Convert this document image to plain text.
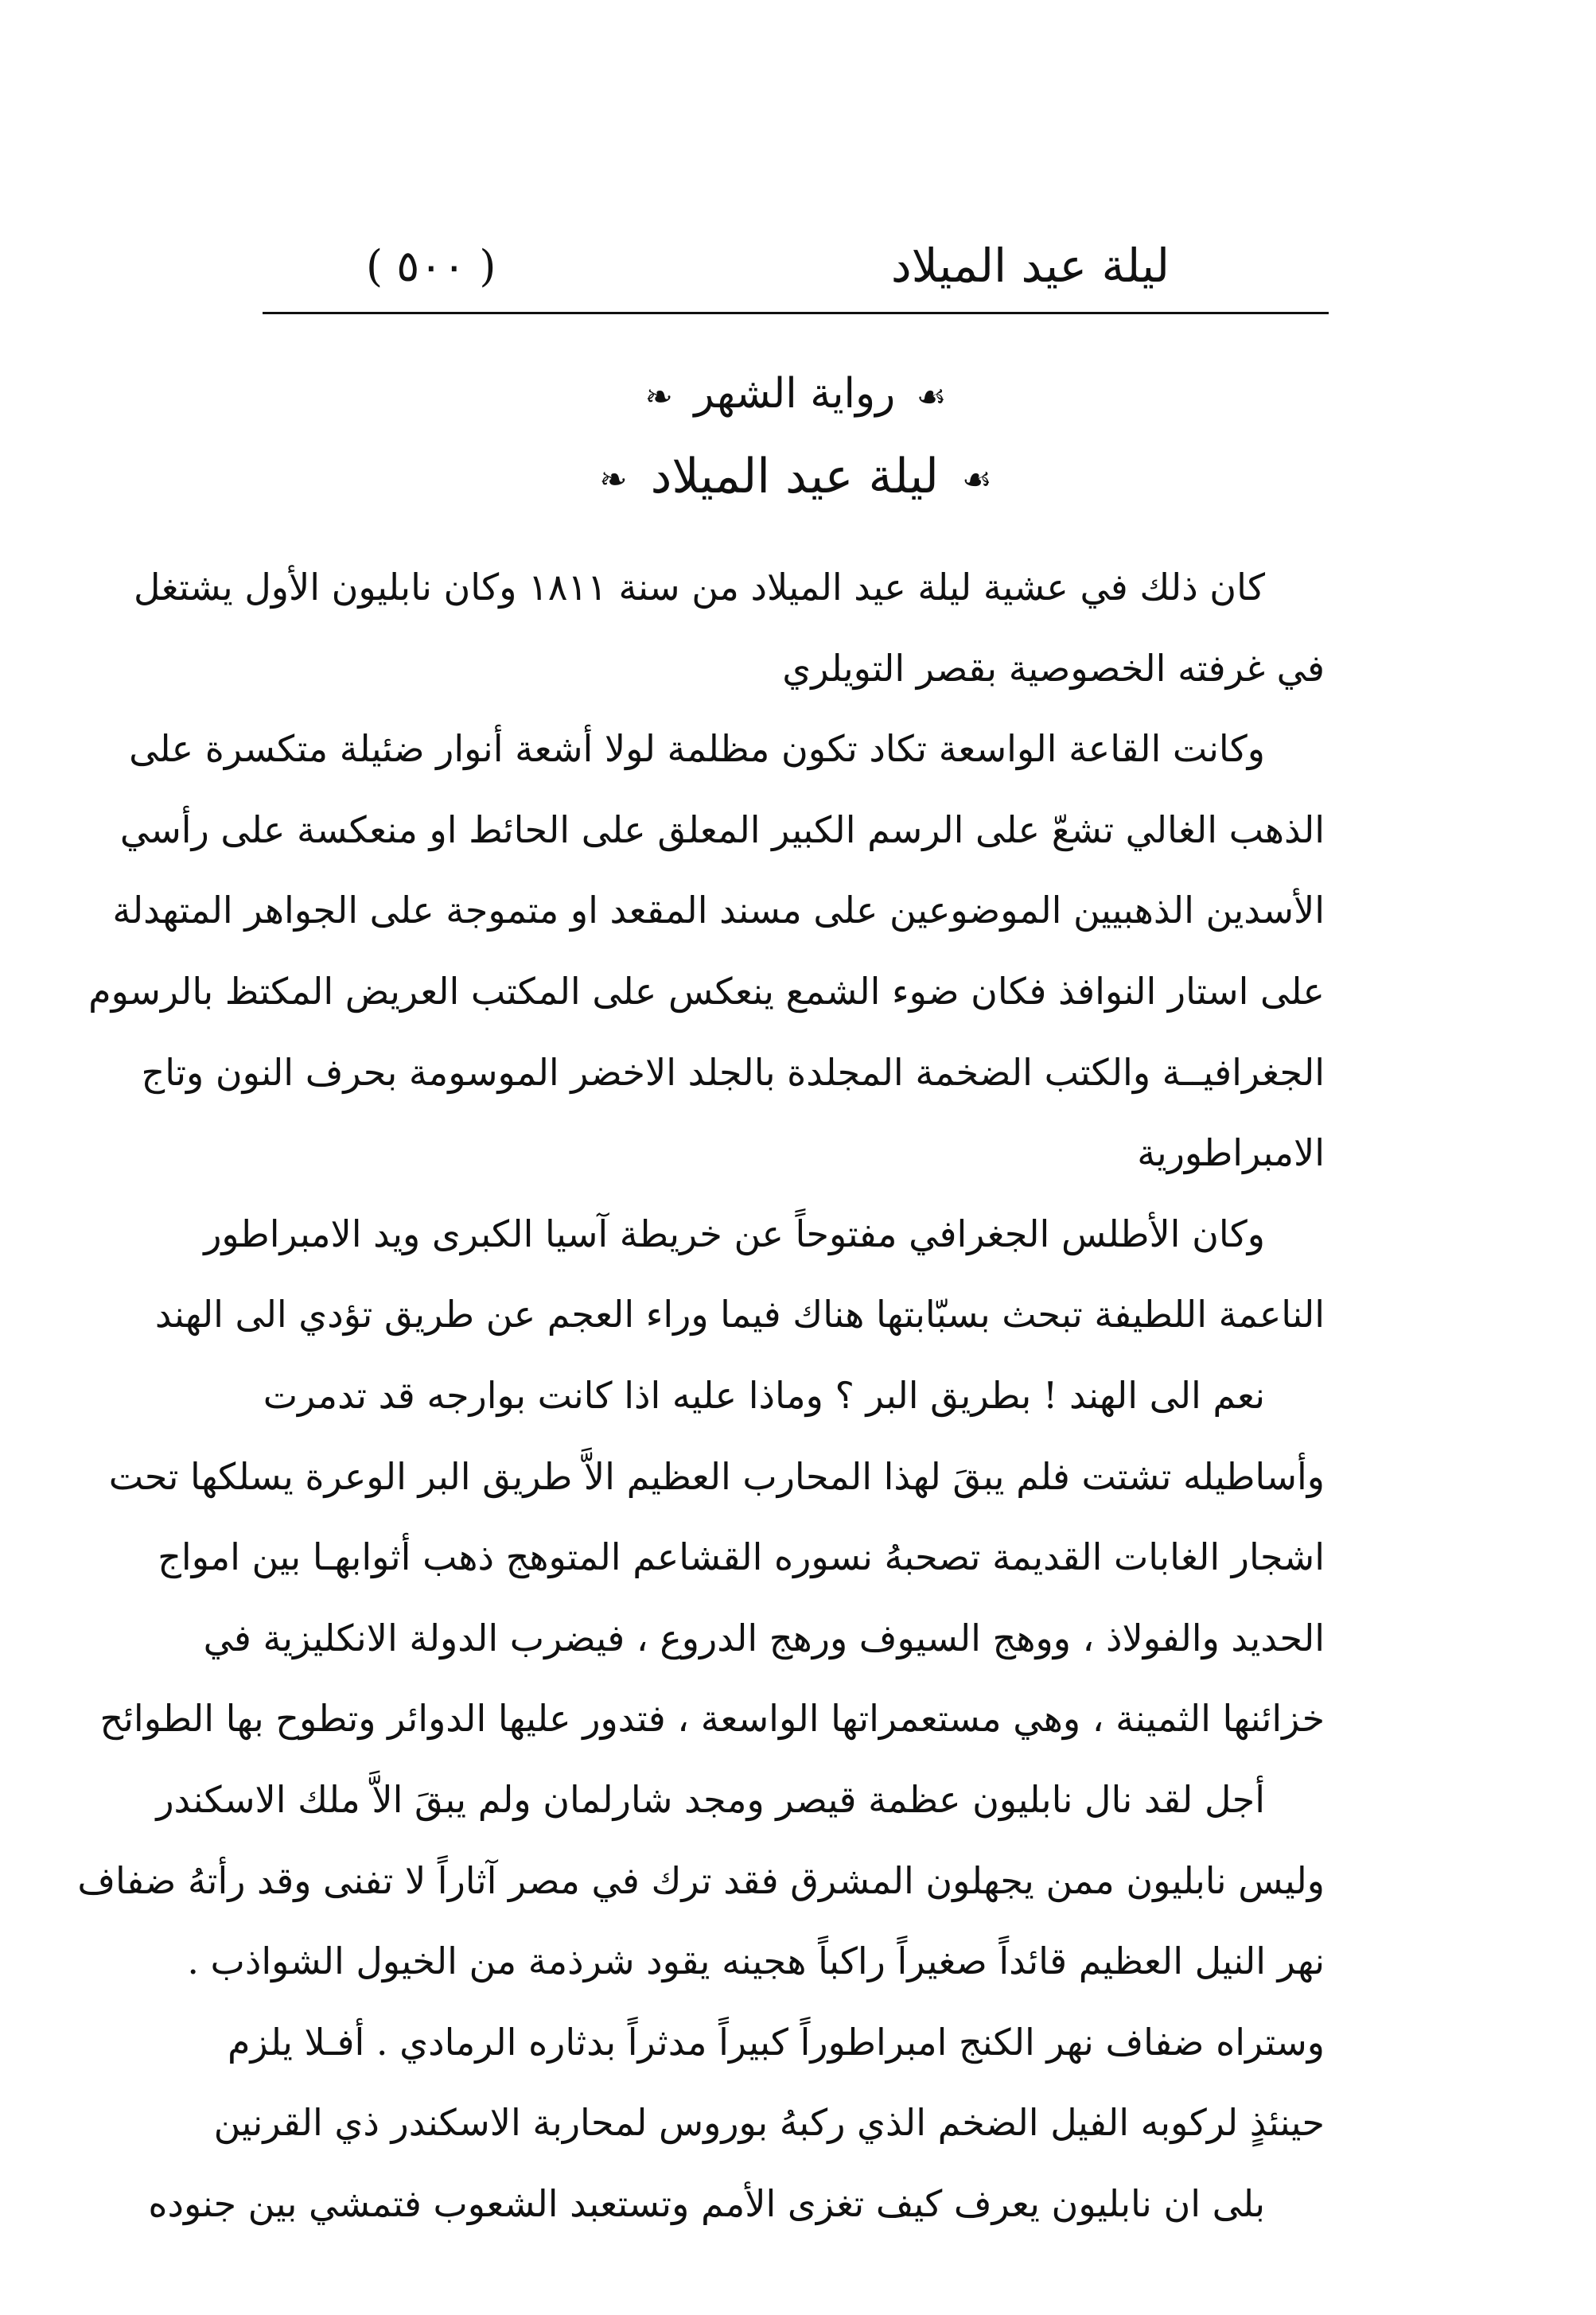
( ٥٠٠ )	ليلة عيد الميلاد
☙ رواية الشهر ❧
☙ ليلة عيد الميلاد ❧
كان ذلك في عشية ليلة عيد الميلاد من سنة ١٨١١ وكان نابليون الأول يشتغل
في غرفته الخصوصية بقصر التويلري
وكانت القاعة الواسعة تكاد تكون مظلمة لولا أشعة أنوار ضئيلة متكسرة على
الذهب الغالي تشعّ على الرسم الكبير المعلق على الحائط او منعكسة على رأسي
الأسدين الذهبيين الموضوعين على مسند المقعد او متموجة على الجواهر المتهدلة
على استار النوافذ فكان ضوء الشمع ينعكس على المكتب العريض المكتظ بالرسوم
الجغرافيــة والكتب الضخمة المجلدة بالجلد الاخضر الموسومة بحرف النون وتاج
الامبراطورية
وكان الأطلس الجغرافي مفتوحاً عن خريطة آسيا الكبرى ويد الامبراطور
الناعمة اللطيفة تبحث بسبّابتها هناك فيما وراء العجم عن طريق تؤدي الى الهند
نعم الى الهند ! بطريق البر ؟ وماذا عليه اذا كانت بوارجه قد تدمرت
وأساطيله تشتت فلم يبقَ لهذا المحارب العظيم الاَّ طريق البر الوعرة يسلكها تحت
اشجار الغابات القديمة تصحبهُ نسوره القشاعم المتوهج ذهب أثوابهـا بين امواج
الحديد والفولاذ ، ووهج السيوف ورهج الدروع ، فيضرب الدولة الانكليزية في
خزائنها الثمينة ، وهي مستعمراتها الواسعة ، فتدور عليها الدوائر وتطوح بها الطوائح
أجل لقد نال نابليون عظمة قيصر ومجد شارلمان ولم يبقَ الاَّ ملك الاسكندر
وليس نابليون ممن يجهلون المشرق فقد ترك في مصر آثاراً لا تفنى وقد رأتهُ ضفاف
نهر النيل العظيم قائداً صغيراً راكباً هجينه يقود شرذمة من الخيول الشواذب .
وستراه ضفاف نهر الكنج امبراطوراً كبيراً مدثراً بدثاره الرمادي . أفـلا يلزم
حينئذٍ لركوبه الفيل الضخم الذي ركبهُ بوروس لمحاربة الاسكندر ذي القرنين
بلى ان نابليون يعرف كيف تغزى الأمم وتستعبد الشعوب فتمشي بين جنوده
